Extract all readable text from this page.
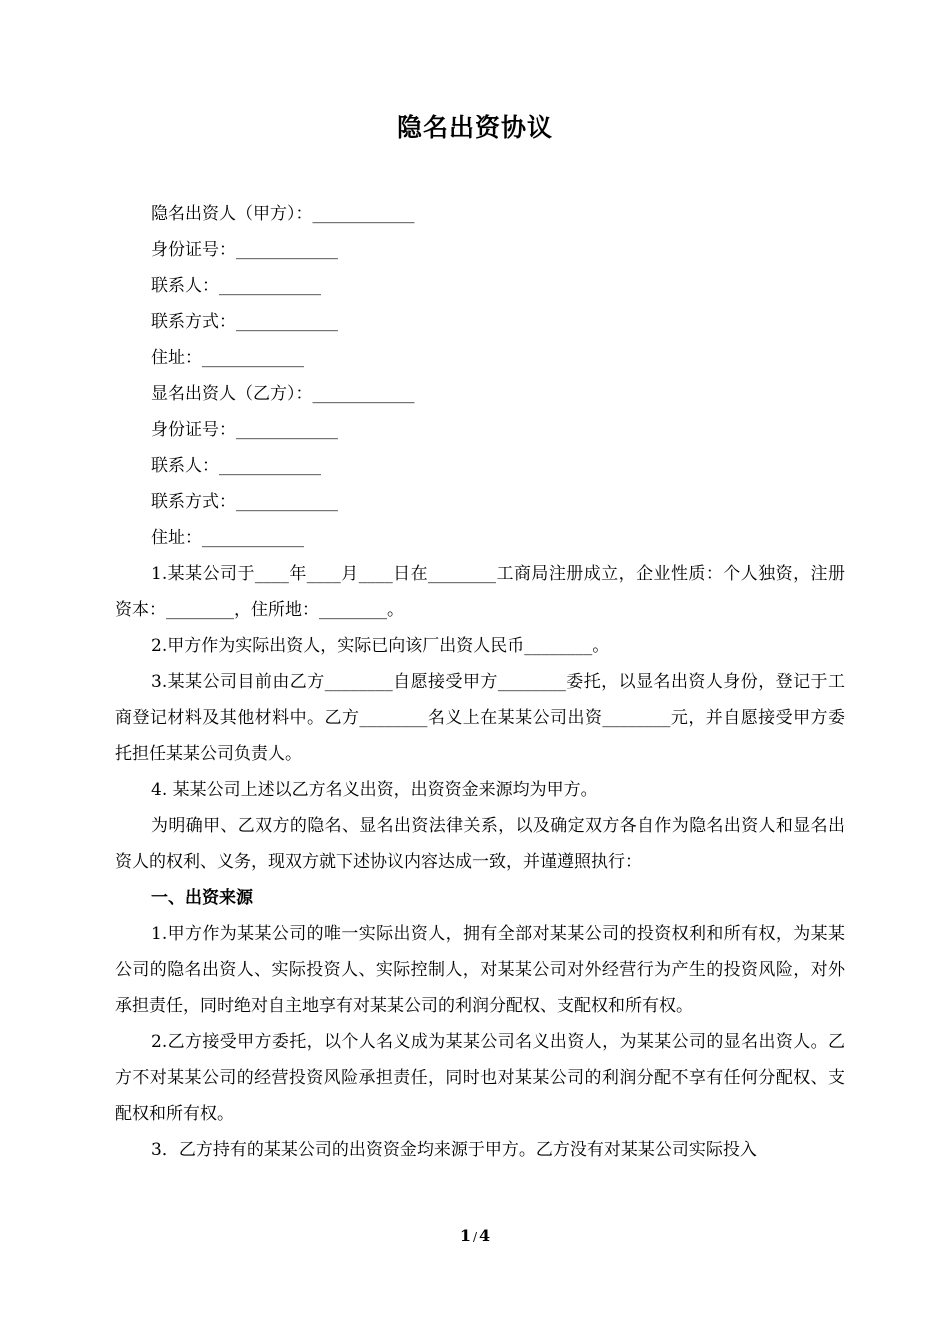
隐名出资协议

隐名出资人（甲方）：____________

身份证号：____________

联系人：____________

联系方式：____________

住址：____________

显名出资人（乙方）：____________

身份证号：____________

联系人：____________

联系方式：____________

住址：____________

1.某某公司于____年____月____日在________工商局注册成立，企业性质：个人独资，注册资本：________，住所地：________。

2.甲方作为实际出资人，实际已向该厂出资人民币________。

3.某某公司目前由乙方________自愿接受甲方________委托，以显名出资人身份，登记于工商登记材料及其他材料中。乙方________名义上在某某公司出资________元，并自愿接受甲方委托担任某某公司负责人。

4. 某某公司上述以乙方名义出资，出资资金来源均为甲方。

为明确甲、乙双方的隐名、显名出资法律关系，以及确定双方各自作为隐名出资人和显名出资人的权利、义务，现双方就下述协议内容达成一致，并谨遵照执行：

一、出资来源

1.甲方作为某某公司的唯一实际出资人，拥有全部对某某公司的投资权利和所有权，为某某公司的隐名出资人、实际投资人、实际控制人，对某某公司对外经营行为产生的投资风险，对外承担责任，同时绝对自主地享有对某某公司的利润分配权、支配权和所有权。

2.乙方接受甲方委托，以个人名义成为某某公司名义出资人，为某某公司的显名出资人。乙方不对某某公司的经营投资风险承担责任，同时也对某某公司的利润分配不享有任何分配权、支配权和所有权。

3．乙方持有的某某公司的出资资金均来源于甲方。乙方没有对某某公司实际投入

1 / 4
